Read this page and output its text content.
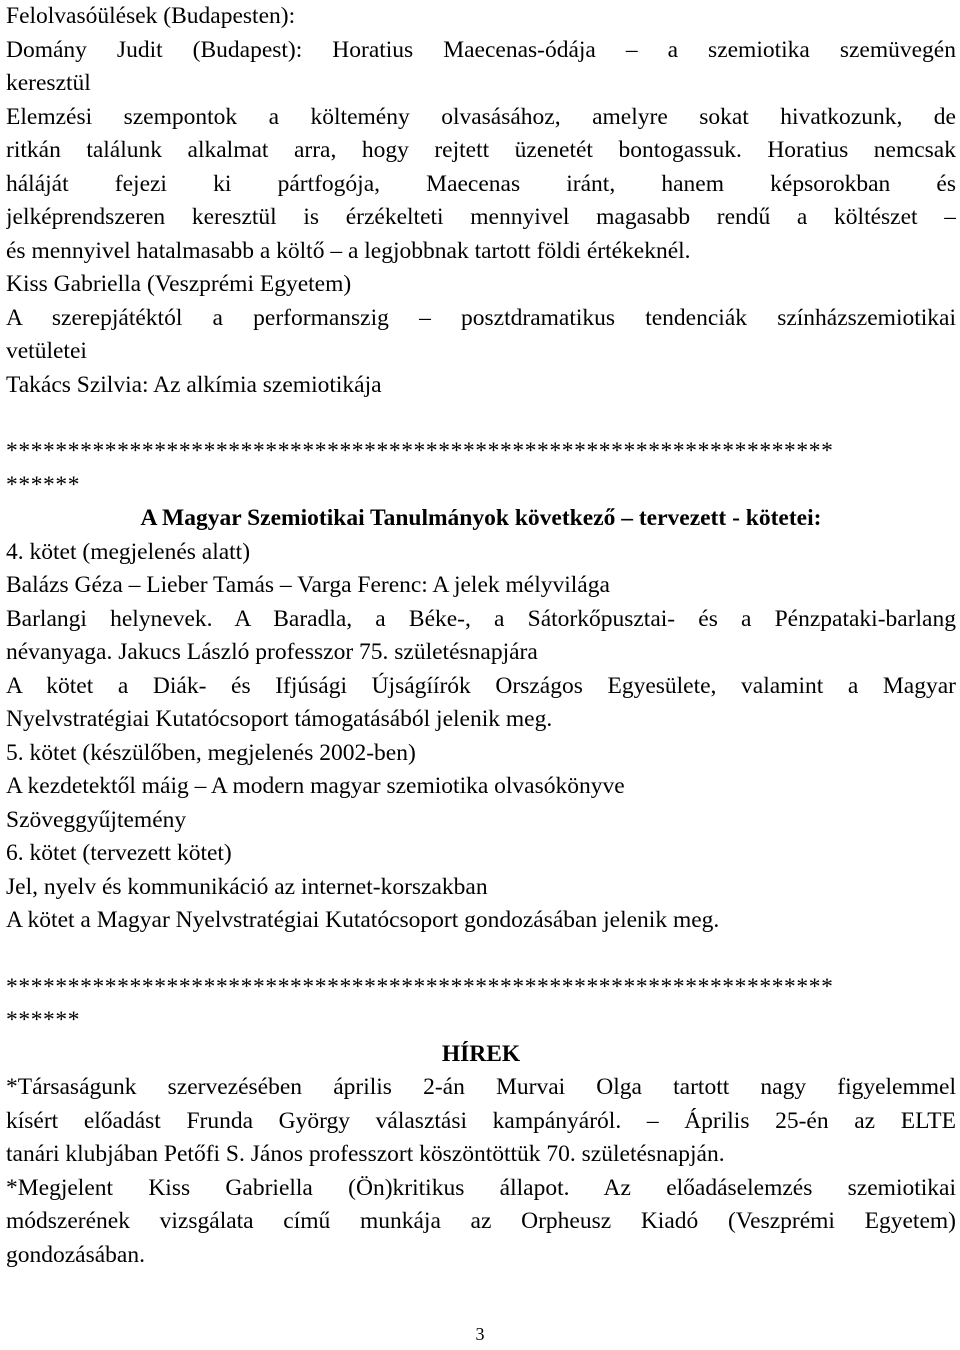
Felolvasóülések (Budapesten):
Domány Judit (Budapest): Horatius Maecenas-ódája – a szemiotika szemüvegén
keresztül
Elemzési szempontok a költemény olvasásához, amelyre sokat hivatkozunk, de
ritkán találunk alkalmat arra, hogy rejtett üzenetét bontogassuk. Horatius nemcsak
háláját fejezi ki pártfogója, Maecenas iránt, hanem képsorokban és
jelképrendszeren keresztül is érzékelteti mennyivel magasabb rendű a költészet –
és mennyivel hatalmasabb a költő – a legjobbnak tartott földi értékeknél.
Kiss Gabriella (Veszprémi Egyetem)
A szerepjátéktól a performanszig – posztdramatikus tendenciák színházszemiotikai
vetületei
Takács Szilvia: Az alkímia szemiotikája
*******************************************************************
******
A Magyar Szemiotikai Tanulmányok következő – tervezett - kötetei:
4. kötet (megjelenés alatt)
Balázs Géza – Lieber Tamás – Varga Ferenc: A jelek mélyvilága
Barlangi helynevek. A Baradla, a Béke-, a Sátorkőpusztai- és a Pénzpataki-barlang
névanyaga. Jakucs László professzor 75. születésnapjára
A kötet a Diák- és Ifjúsági Újságíírók Országos Egyesülete, valamint a Magyar
Nyelvstratégiai Kutatócsoport támogatásából jelenik meg.
5. kötet (készülőben, megjelenés 2002-ben)
A kezdetektől máig – A modern magyar szemiotika olvasókönyve
Szöveggyűjtemény
6. kötet (tervezett kötet)
Jel, nyelv és kommunikáció az internet-korszakban
A kötet a Magyar Nyelvstratégiai Kutatócsoport gondozásában jelenik meg.
*******************************************************************
******
HÍREK
*Társaságunk szervezésében április 2-án Murvai Olga tartott nagy figyelemmel
kísért előadást Frunda György választási kampányáról. – Április 25-én az ELTE
tanári klubjában Petőfi S. János professzort köszöntöttük 70. születésnapján.
*Megjelent Kiss Gabriella (Ön)kritikus állapot. Az előadáselemzés szemiotikai
módszerének vizsgálata című munkája az Orpheusz Kiadó (Veszprémi Egyetem)
gondozásában.
3
